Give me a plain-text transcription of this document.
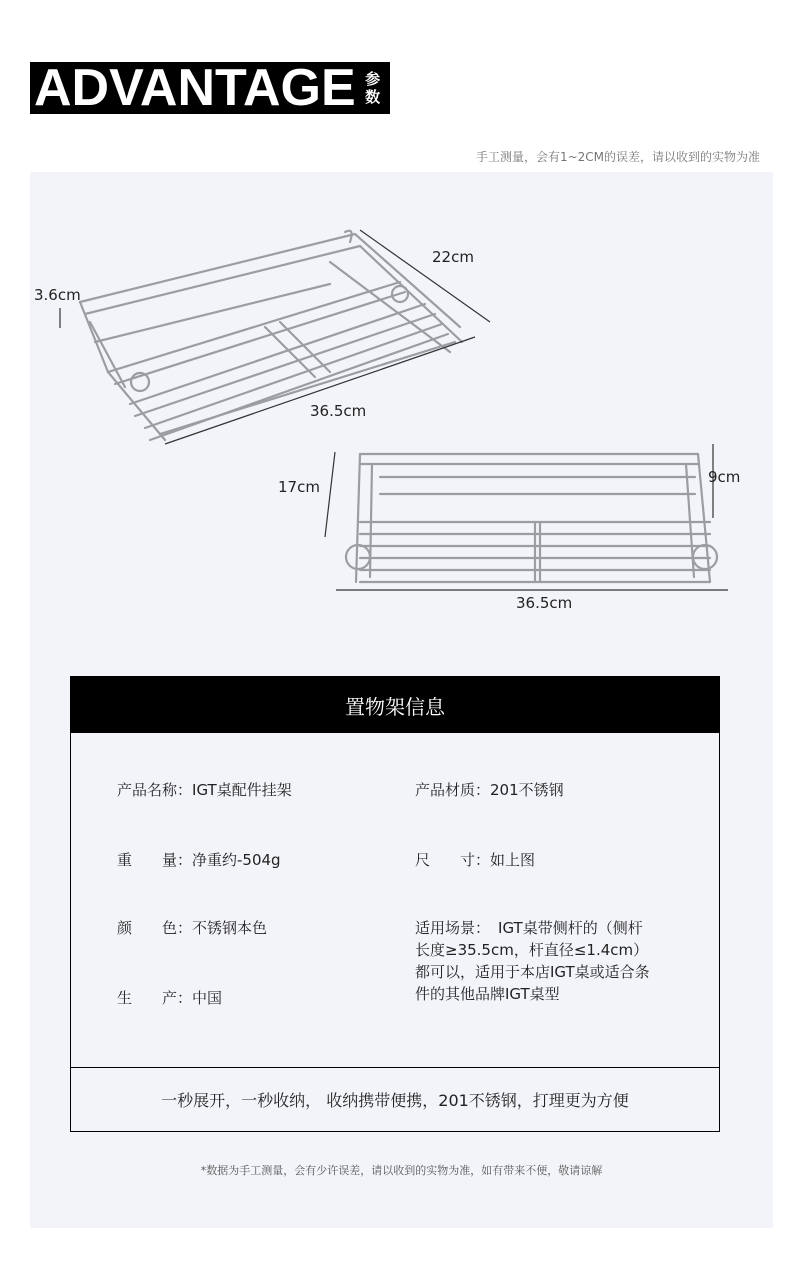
ADVANTAGE 参
数
手工测量，会有1~2CM的误差，请以收到的实物为准
3.6cm
22cm
36.5cm
17cm
9cm
36.5cm
置物架信息
产品名称：IGT桌配件挂架	产品材质：201不锈钢
重　　量：净重约-504g	尺　　寸：如上图
颜　　色：不锈钢本色
生　　产：中国
适用场景： IGT桌带侧杆的（侧杆
长度≥35.5cm，杆直径≤1.4cm）
都可以，适用于本店IGT桌或适合条
件的其他品牌IGT桌型
一秒展开，一秒收纳， 收纳携带便携，201不锈钢，打理更为方便
*数据为手工测量，会有少许误差，请以收到的实物为准，如有带来不便，敬请谅解
